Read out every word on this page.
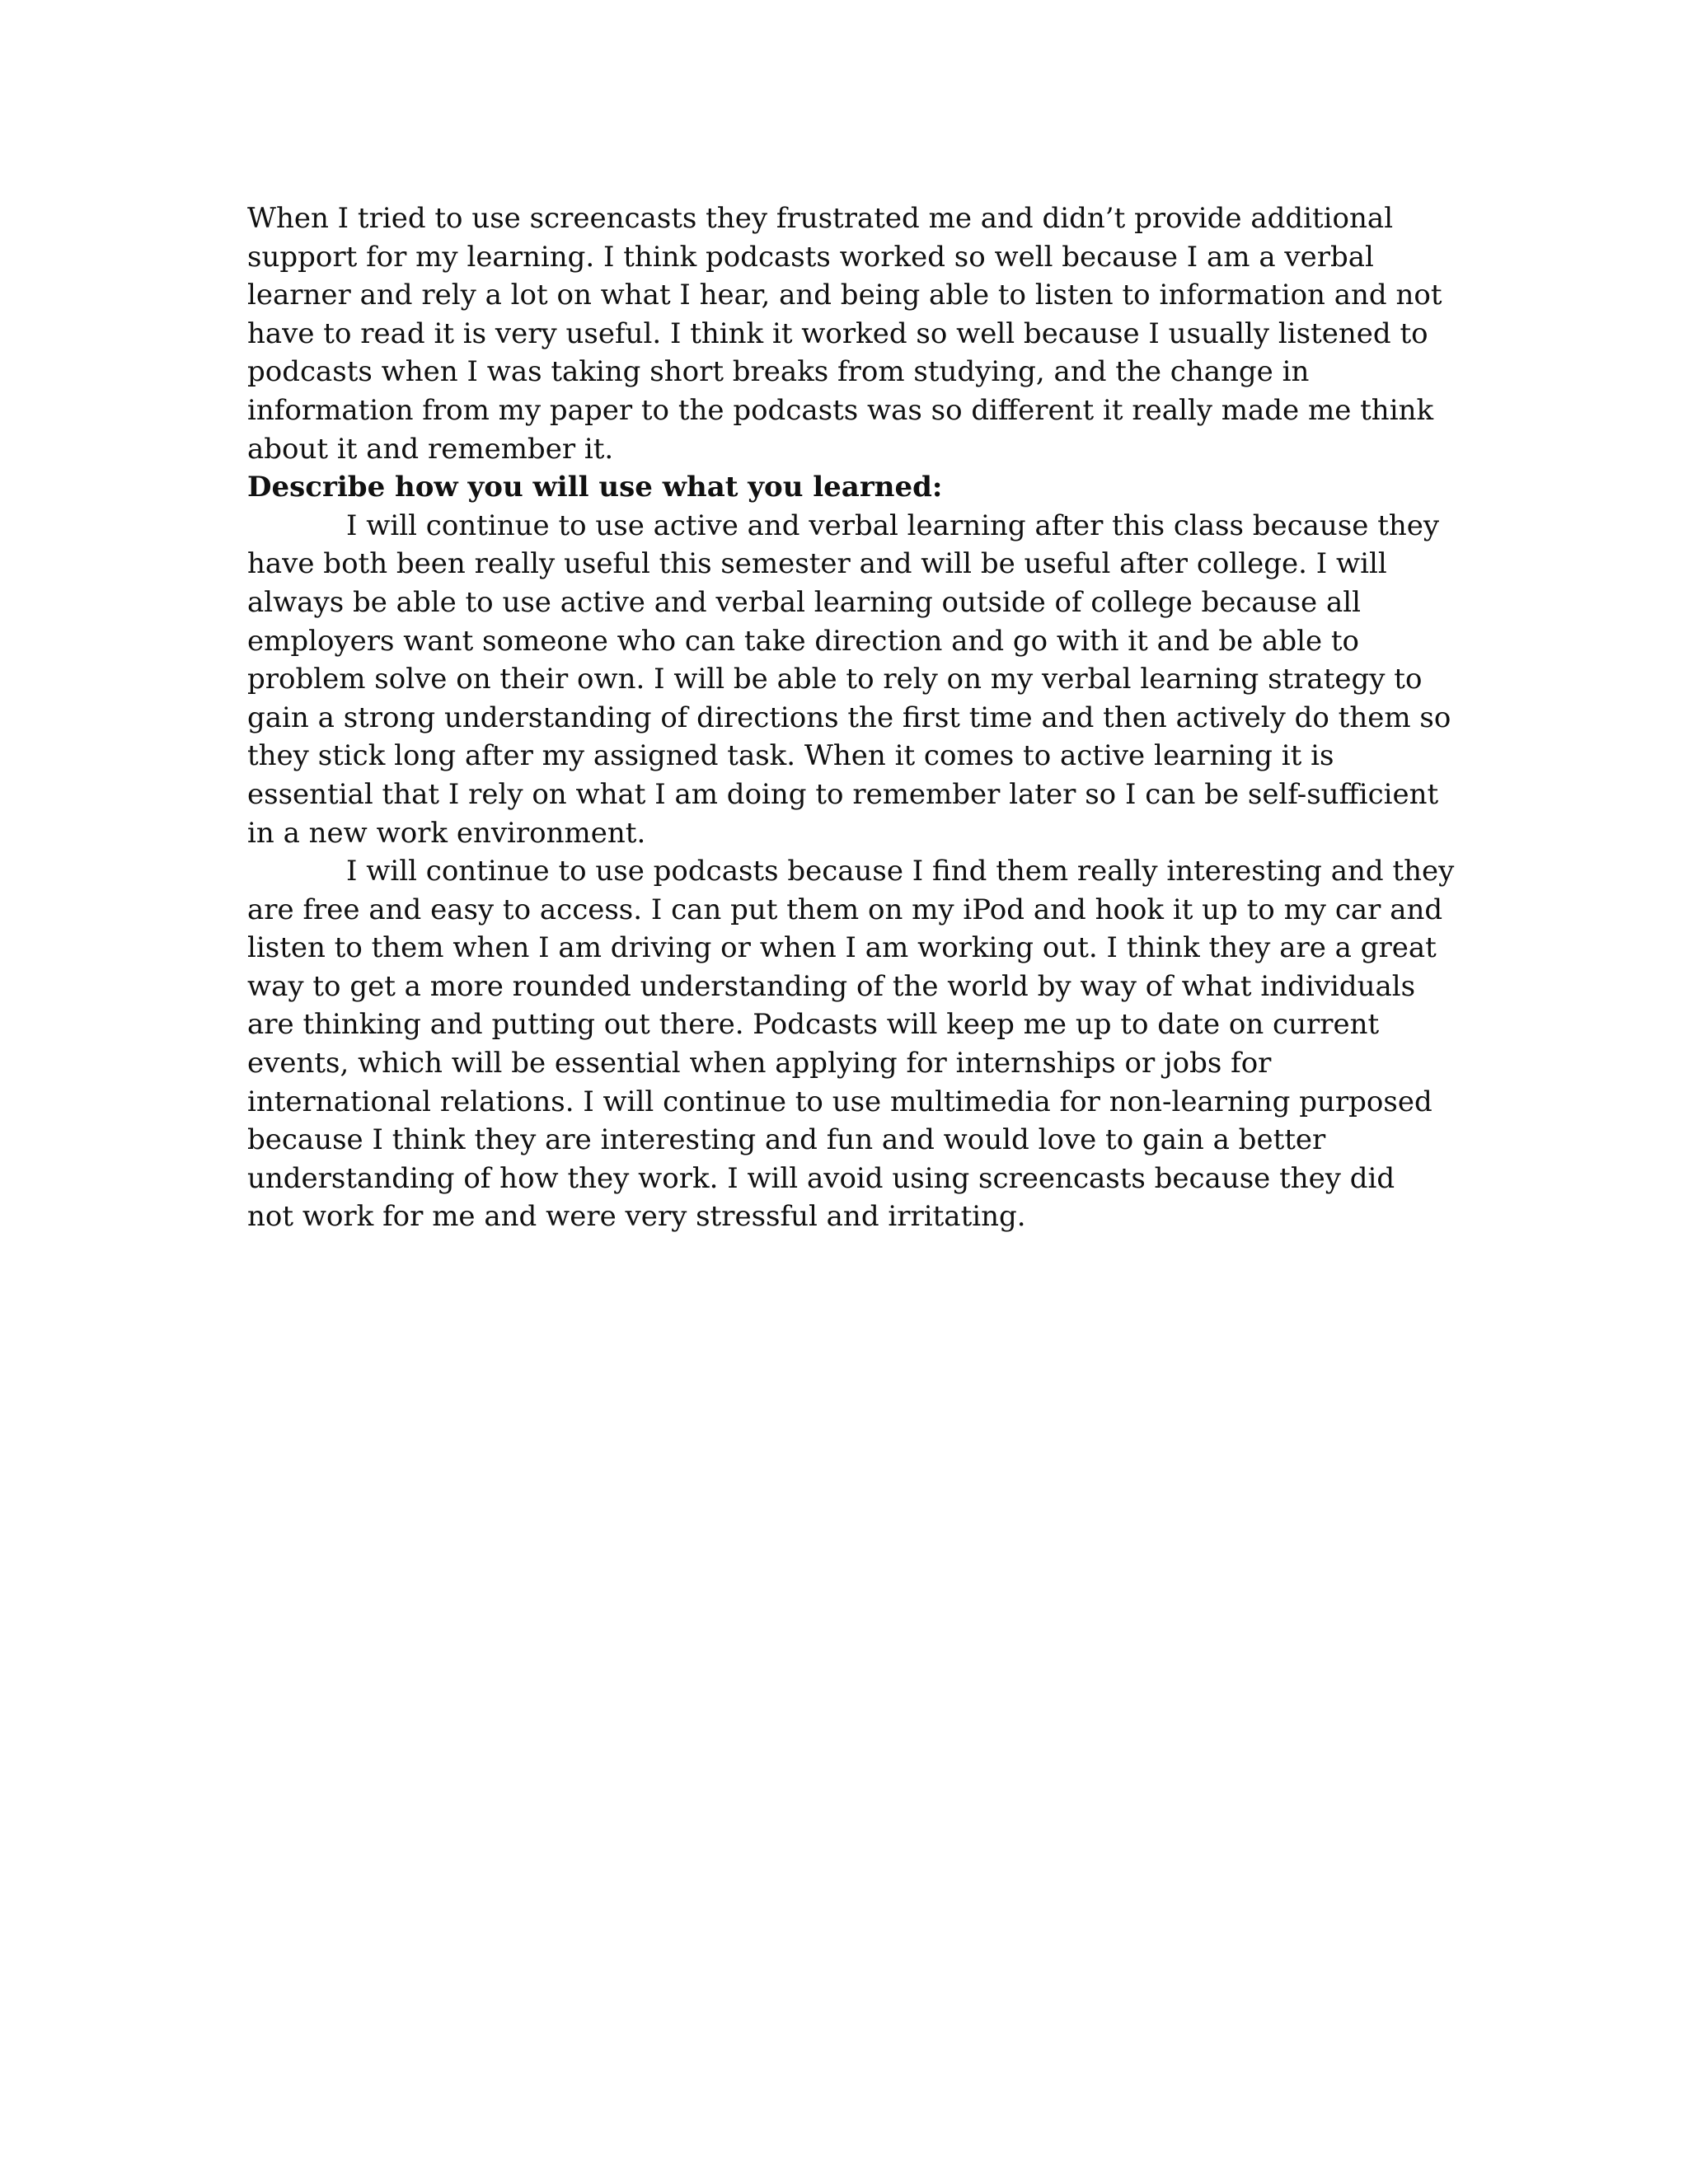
When I tried to use screencasts they frustrated me and didn’t provide additional
support for my learning. I think podcasts worked so well because I am a verbal
learner and rely a lot on what I hear, and being able to listen to information and not
have to read it is very useful. I think it worked so well because I usually listened to
podcasts when I was taking short breaks from studying, and the change in
information from my paper to the podcasts was so different it really made me think
about it and remember it.
Describe how you will use what you learned:
I will continue to use active and verbal learning after this class because they
have both been really useful this semester and will be useful after college. I will
always be able to use active and verbal learning outside of college because all
employers want someone who can take direction and go with it and be able to
problem solve on their own. I will be able to rely on my verbal learning strategy to
gain a strong understanding of directions the first time and then actively do them so
they stick long after my assigned task. When it comes to active learning it is
essential that I rely on what I am doing to remember later so I can be self-sufficient
in a new work environment.
I will continue to use podcasts because I find them really interesting and they
are free and easy to access. I can put them on my iPod and hook it up to my car and
listen to them when I am driving or when I am working out. I think they are a great
way to get a more rounded understanding of the world by way of what individuals
are thinking and putting out there. Podcasts will keep me up to date on current
events, which will be essential when applying for internships or jobs for
international relations. I will continue to use multimedia for non-learning purposed
because I think they are interesting and fun and would love to gain a better
understanding of how they work. I will avoid using screencasts because they did
not work for me and were very stressful and irritating.
